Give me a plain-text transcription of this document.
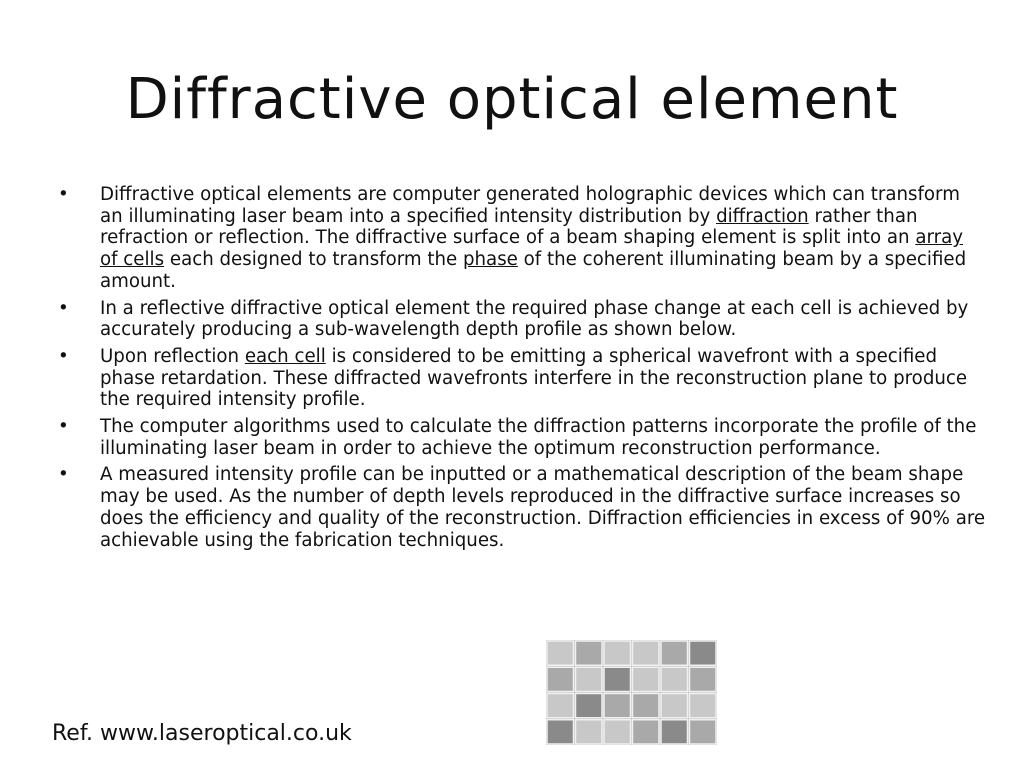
Diffractive optical element
• Diffractive optical elements are computer generated holographic devices which can transform an illuminating laser beam into a specified intensity distribution by diffraction rather than refraction or reflection. The diffractive surface of a beam shaping element is split into an array of cells each designed to transform the phase of the coherent illuminating beam by a specified amount.
• In a reflective diffractive optical element the required phase change at each cell is achieved by accurately producing a sub-wavelength depth profile as shown below.
• Upon reflection each cell is considered to be emitting a spherical wavefront with a specified phase retardation. These diffracted wavefronts interfere in the reconstruction plane to produce the required intensity profile.
• The computer algorithms used to calculate the diffraction patterns incorporate the profile of the illuminating laser beam in order to achieve the optimum reconstruction performance.
• A measured intensity profile can be inputted or a mathematical description of the beam shape may be used. As the number of depth levels reproduced in the diffractive surface increases so does the efficiency and quality of the reconstruction. Diffraction efficiencies in excess of 90% are achievable using the fabrication techniques.
Ref. www.laseroptical.co.uk
